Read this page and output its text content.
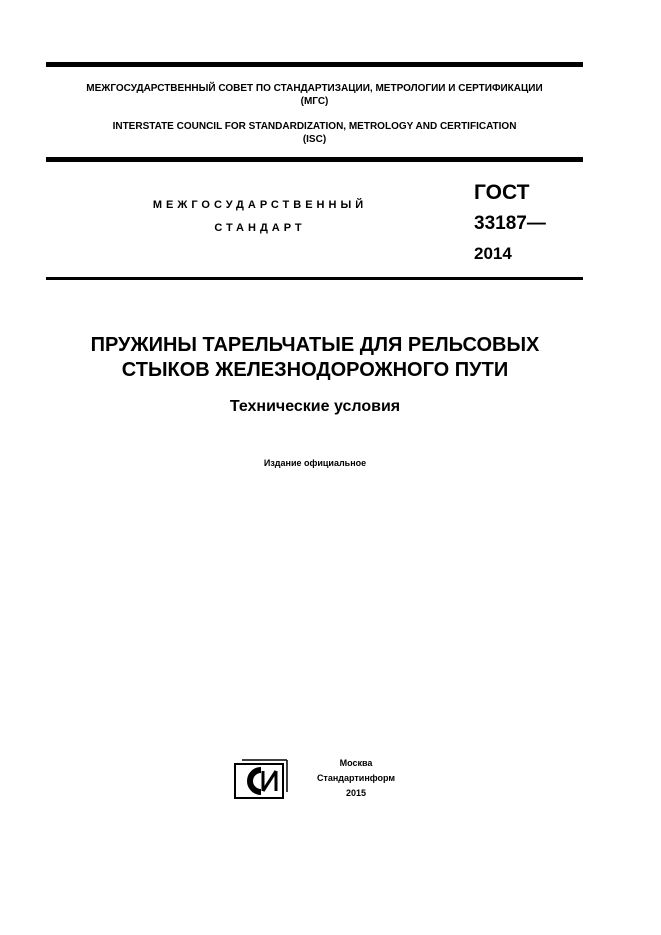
МЕЖГОСУДАРСТВЕННЫЙ СОВЕТ ПО СТАНДАРТИЗАЦИИ, МЕТРОЛОГИИ И СЕРТИФИКАЦИИ
(МГС)
INTERSTATE COUNCIL FOR STANDARDIZATION, METROLOGY AND CERTIFICATION
(ISC)
МЕЖГОСУДАРСТВЕННЫЙ
СТАНДАРТ
ГОСТ
33187—
2014
ПРУЖИНЫ ТАРЕЛЬЧАТЫЕ ДЛЯ РЕЛЬСОВЫХ
СТЫКОВ ЖЕЛЕЗНОДОРОЖНОГО ПУТИ
Технические условия
Издание официальное
Москва
Стандартинформ
2015
